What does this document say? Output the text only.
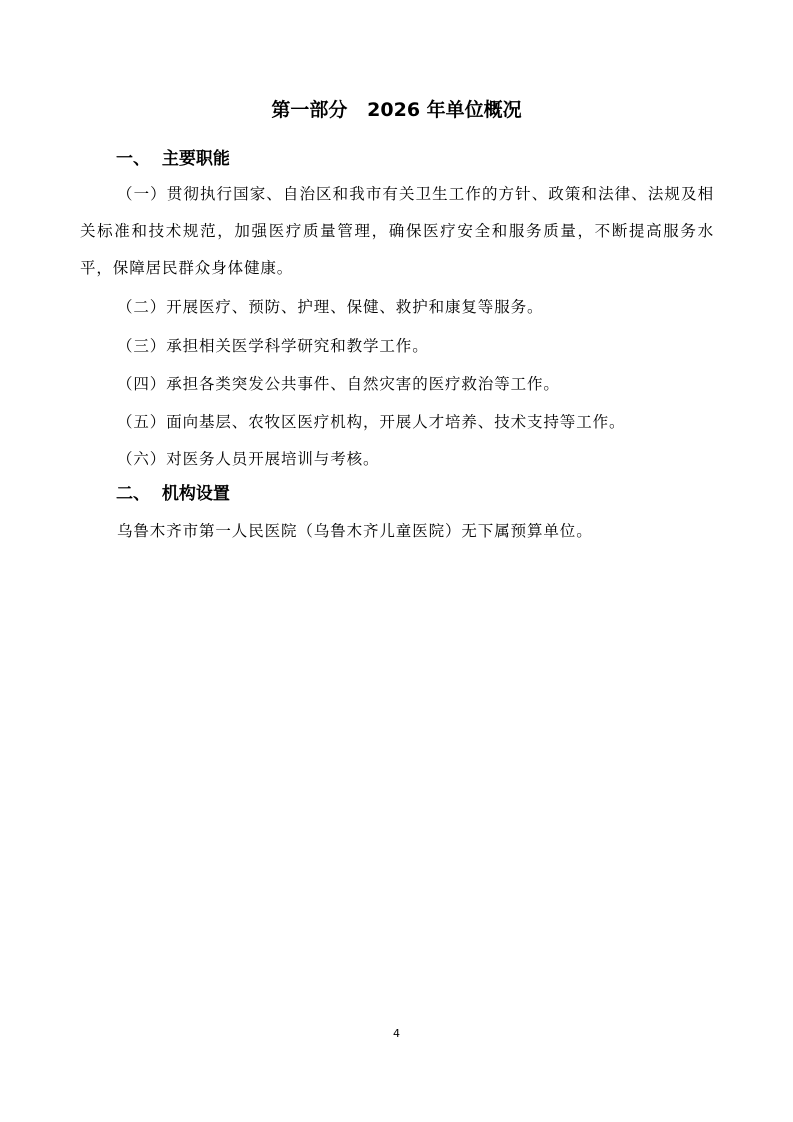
第一部分   2026 年单位概况
一、  主要职能

（一）贯彻执行国家、自治区和我市有关卫生工作的方针、政策和法律、法规及相关标准和技术规范，加强医疗质量管理，确保医疗安全和服务质量，不断提高服务水平，保障居民群众身体健康。

（二）开展医疗、预防、护理、保健、救护和康复等服务。
（三）承担相关医学科学研究和教学工作。
（四）承担各类突发公共事件、自然灾害的医疗救治等工作。
（五）面向基层、农牧区医疗机构，开展人才培养、技术支持等工作。
（六）对医务人员开展培训与考核。
二、  机构设置
乌鲁木齐市第一人民医院（乌鲁木齐儿童医院）无下属预算单位。
4
